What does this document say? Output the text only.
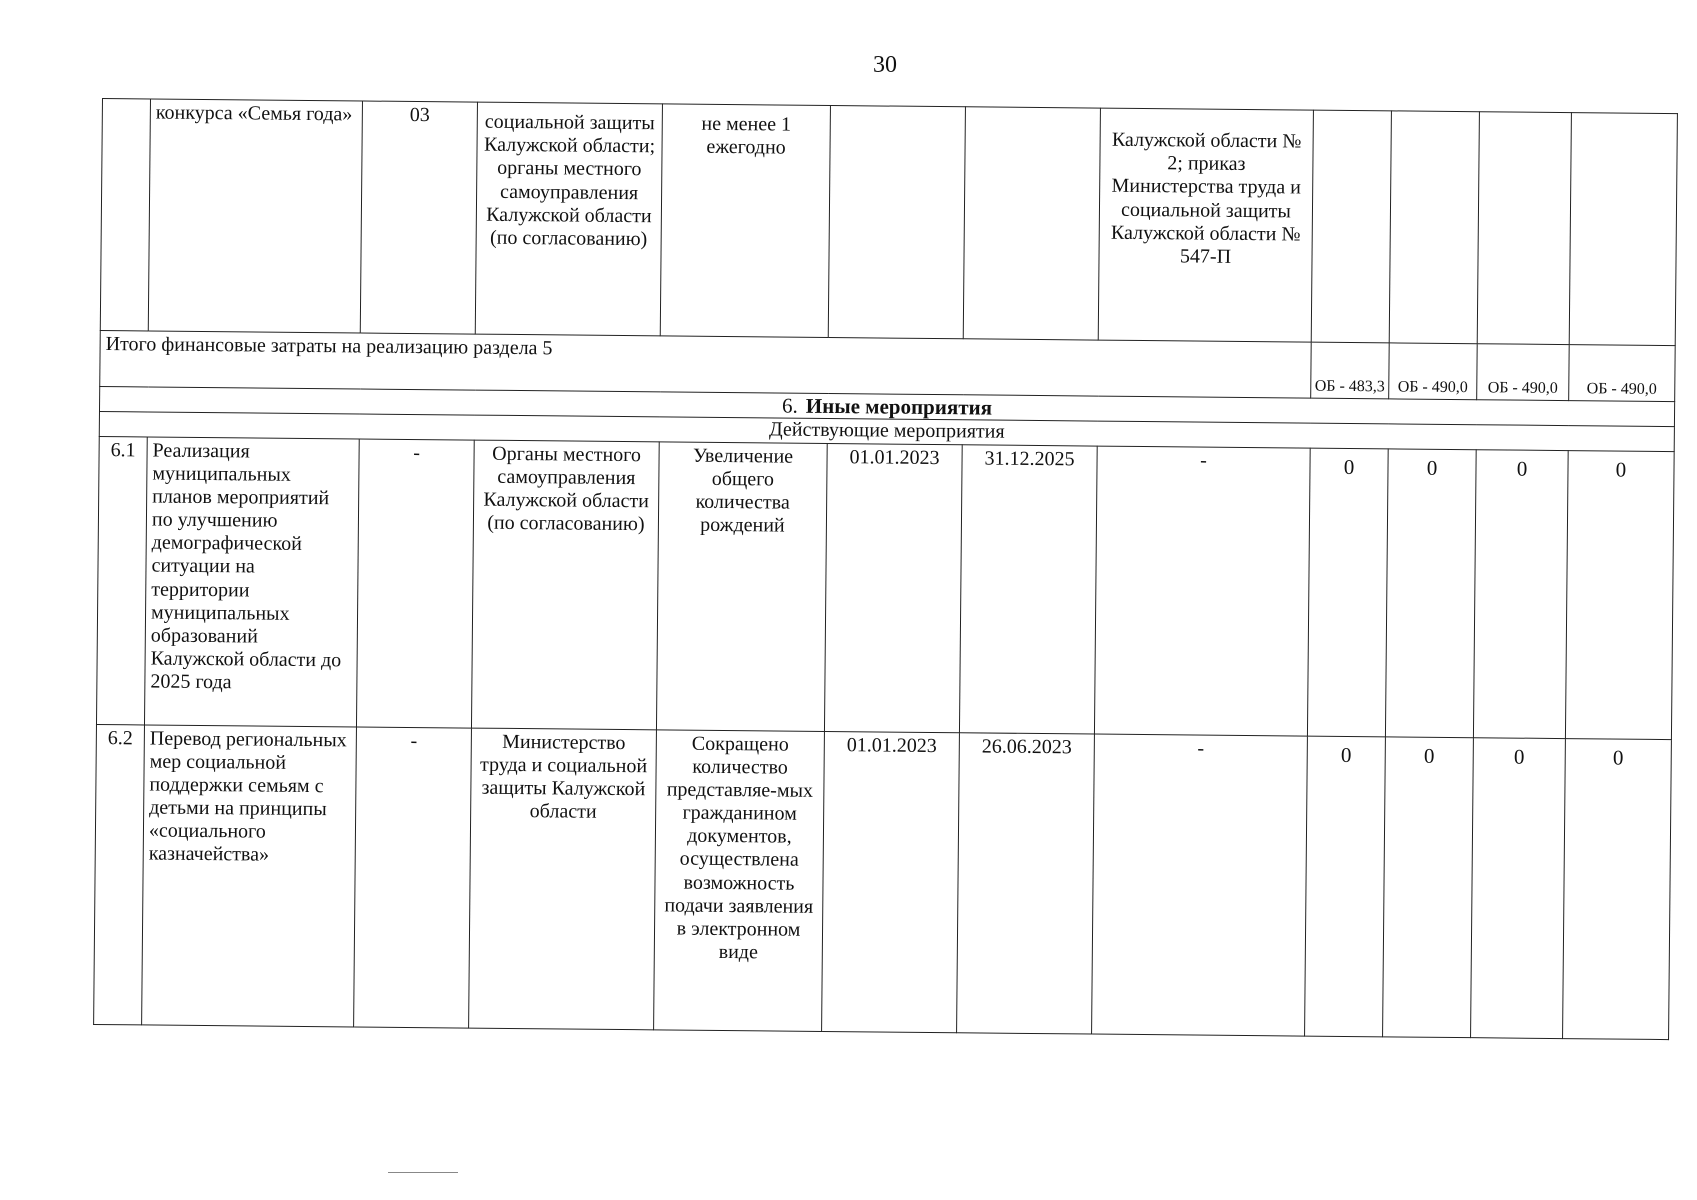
30
	конкурса «Семья года»	03	социальной защиты Калужской области; органы местного самоуправления Калужской области (по согласованию)	не менее 1 ежегодно			Калужской области № 2; приказ Министерства труда и социальной защиты Калужской области № 547-П				
Итого финансовые затраты на реализацию раздела 5								ОБ - 483,3	ОБ - 490,0	ОБ - 490,0	ОБ - 490,0
6. Иные мероприятия											
Действующие мероприятия											
6.1	Реализация муниципальных планов мероприятий по улучшению демографической ситуации на территории муниципальных образований Калужской области до 2025 года	-	Органы местного самоуправления Калужской области (по согласованию)	Увеличение общего количества рождений	01.01.2023	31.12.2025	-	0	0	0	0
6.2	Перевод региональных мер социальной поддержки семьям с детьми на принципы «социального казначейства»	-	Министерство труда и социальной защиты Калужской области	Сокращено количество представляе-мых гражданином документов, осуществлена возможность подачи заявления в электронном виде	01.01.2023	26.06.2023	-	0	0	0	0
